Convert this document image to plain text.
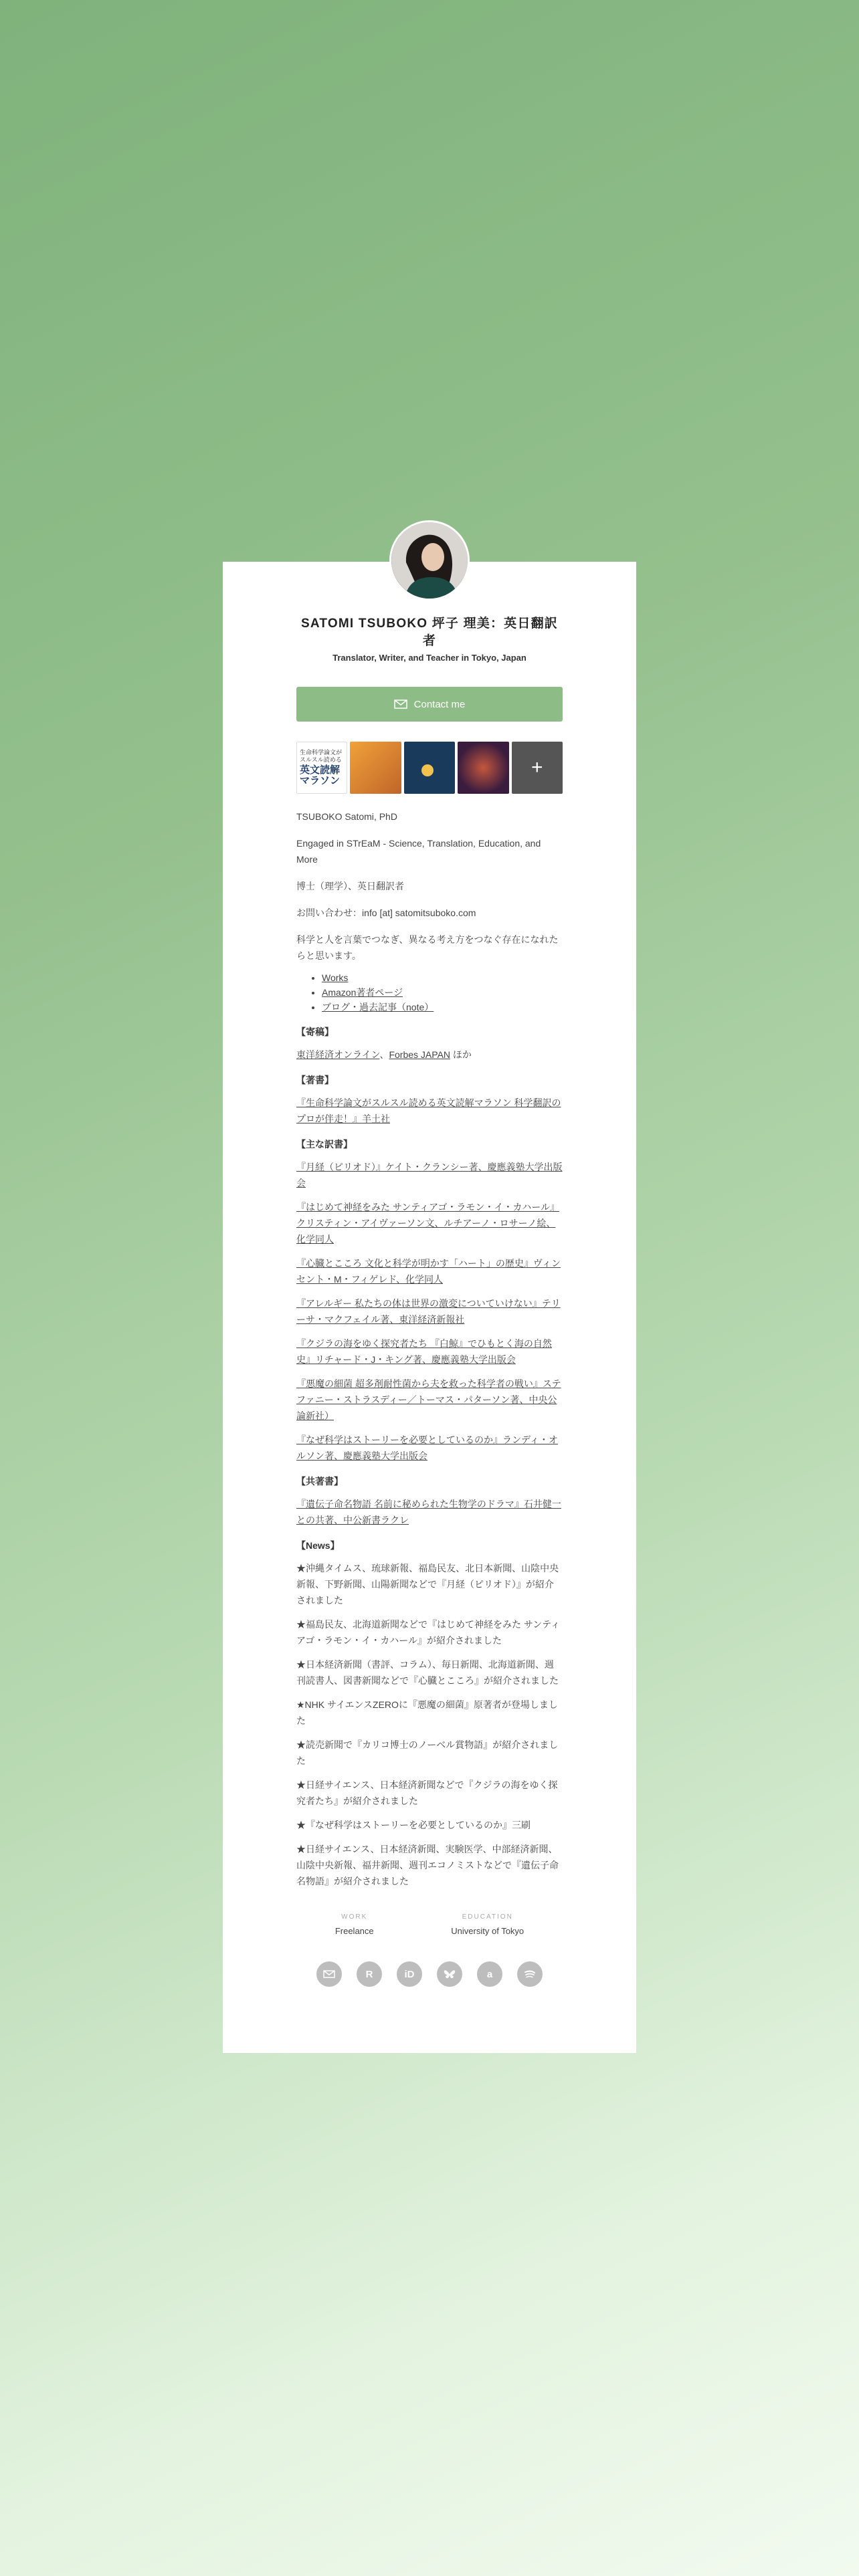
SATOMI TSUBOKO 坪子 理美：英日翻訳者

Translator, Writer, and Teacher in Tokyo, Japan

Contact me
生命科学論文が スルスル読める
英文読解 マラソン
+

TSUBOKO Satomi, PhD

Engaged in STrEaM - Science, Translation, Education, and More

博士（理学）、英日翻訳者

お問い合わせ：info [at] satomitsuboko.com

科学と人を言葉でつなぎ、異なる考え方をつなぐ存在になれたらと思います。

• Works
• Amazon著者ページ
• ブログ・過去記事（note）
【寄稿】
東洋経済オンライン、Forbes JAPAN ほか
【著書】
『生命科学論文がスルスル読める英文読解マラソン 科学翻訳のプロが伴走！』羊土社
【主な訳書】
『月経（ピリオド）』ケイト・クランシー著、慶應義塾大学出版会
『はじめて神経をみた サンティアゴ・ラモン・イ・カハール』クリスティン・アイヴァーソン文、ルチアーノ・ロサーノ絵、化学同人
『心臓とこころ 文化と科学が明かす「ハート」の歴史』ヴィンセント・M・フィゲレド、化学同人
『アレルギー 私たちの体は世界の激変についていけない』テリーサ・マクフェイル著、東洋経済新報社
『クジラの海をゆく探究者たち 『白鯨』でひもとく海の自然史』リチャード・J・キング著、慶應義塾大学出版会
『悪魔の細菌 超多剤耐性菌から夫を救った科学者の戦い』ステファニー・ストラスディー／トーマス・パターソン著、中央公論新社）
『なぜ科学はストーリーを必要としているのか』ランディ・オルソン著、慶應義塾大学出版会
【共著書】
『遺伝子命名物語 名前に秘められた生物学のドラマ』石井健一との共著、中公新書ラクレ
【News】
★沖縄タイムス、琉球新報、福島民友、北日本新聞、山陰中央新報、下野新聞、山陽新聞などで『月経（ピリオド）』が紹介されました
★福島民友、北海道新聞などで『はじめて神経をみた サンティアゴ・ラモン・イ・カハール』が紹介されました
★日本経済新聞（書評、コラム）、毎日新聞、北海道新聞、週刊読書人、図書新聞などで『心臓とこころ』が紹介されました
★NHK サイエンスZEROに『悪魔の細菌』原著者が登場しました
★読売新聞で『カリコ博士のノーベル賞物語』が紹介されました
★日経サイエンス、日本経済新聞などで『クジラの海をゆく探究者たち』が紹介されました
★『なぜ科学はストーリーを必要としているのか』三刷
★日経サイエンス、日本経済新聞、実験医学、中部経済新聞、山陰中央新報、福井新聞、週刊エコノミストなどで『遺伝子命名物語』が紹介されました
WORK
Freelance
EDUCATION
University of Tokyo
R	iD	a
